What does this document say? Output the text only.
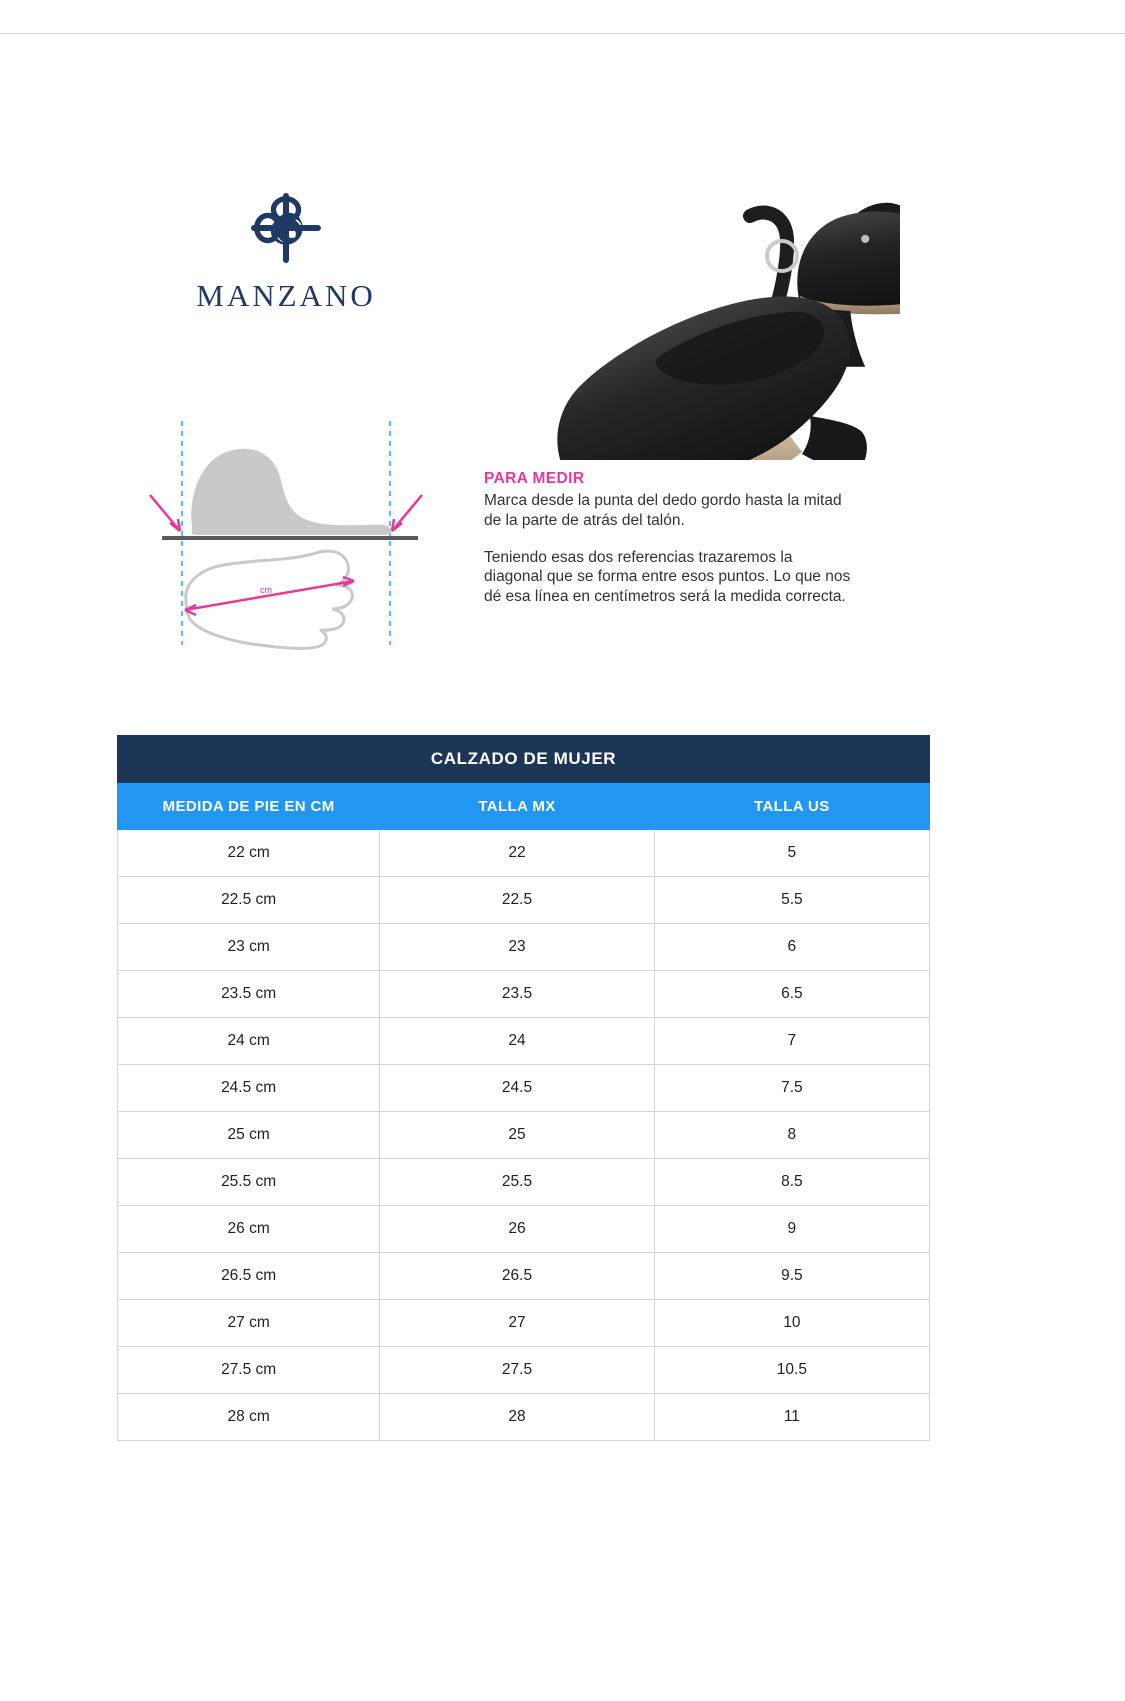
MANZANO
cm
PARA MEDIR

Marca desde la punta del dedo gordo hasta la mitad de la parte de atrás del talón.

Teniendo esas dos referencias trazaremos la diagonal que se forma entre esos puntos. Lo que nos dé esa línea en centímetros será la medida correcta.

CALZADO DE MUJER
MEDIDA DE PIE EN CM	TALLA MX	TALLA US
22 cm	22	5
22.5 cm	22.5	5.5
23 cm	23	6
23.5 cm	23.5	6.5
24 cm	24	7
24.5 cm	24.5	7.5
25 cm	25	8
25.5 cm	25.5	8.5
26 cm	26	9
26.5 cm	26.5	9.5
27 cm	27	10
27.5 cm	27.5	10.5
28 cm	28	11
